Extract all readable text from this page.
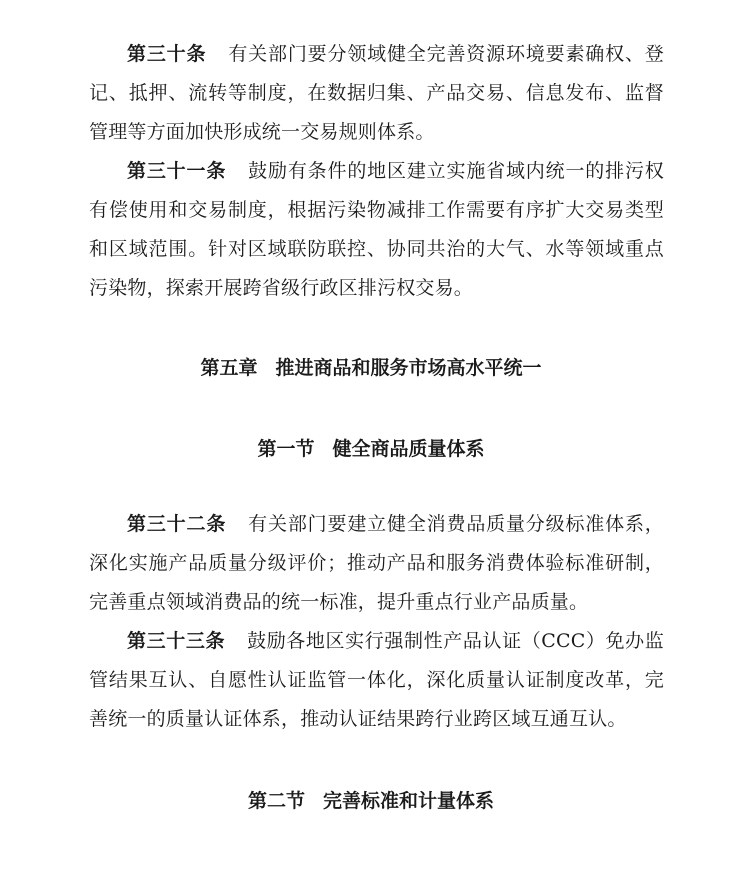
第三十条 有关部门要分领域健全完善资源环境要素确权、登记、抵押、流转等制度，在数据归集、产品交易、信息发布、监督管理等方面加快形成统一交易规则体系。

第三十一条 鼓励有条件的地区建立实施省域内统一的排污权有偿使用和交易制度，根据污染物减排工作需要有序扩大交易类型和区域范围。针对区域联防联控、协同共治的大气、水等领域重点污染物，探索开展跨省级行政区排污权交易。

第五章 推进商品和服务市场高水平统一
第一节 健全商品质量体系

第三十二条 有关部门要建立健全消费品质量分级标准体系，深化实施产品质量分级评价；推动产品和服务消费体验标准研制，完善重点领域消费品的统一标准，提升重点行业产品质量。

第三十三条 鼓励各地区实行强制性产品认证（CCC）免办监管结果互认、自愿性认证监管一体化，深化质量认证制度改革，完善统一的质量认证体系，推动认证结果跨行业跨区域互通互认。

第二节 完善标准和计量体系
